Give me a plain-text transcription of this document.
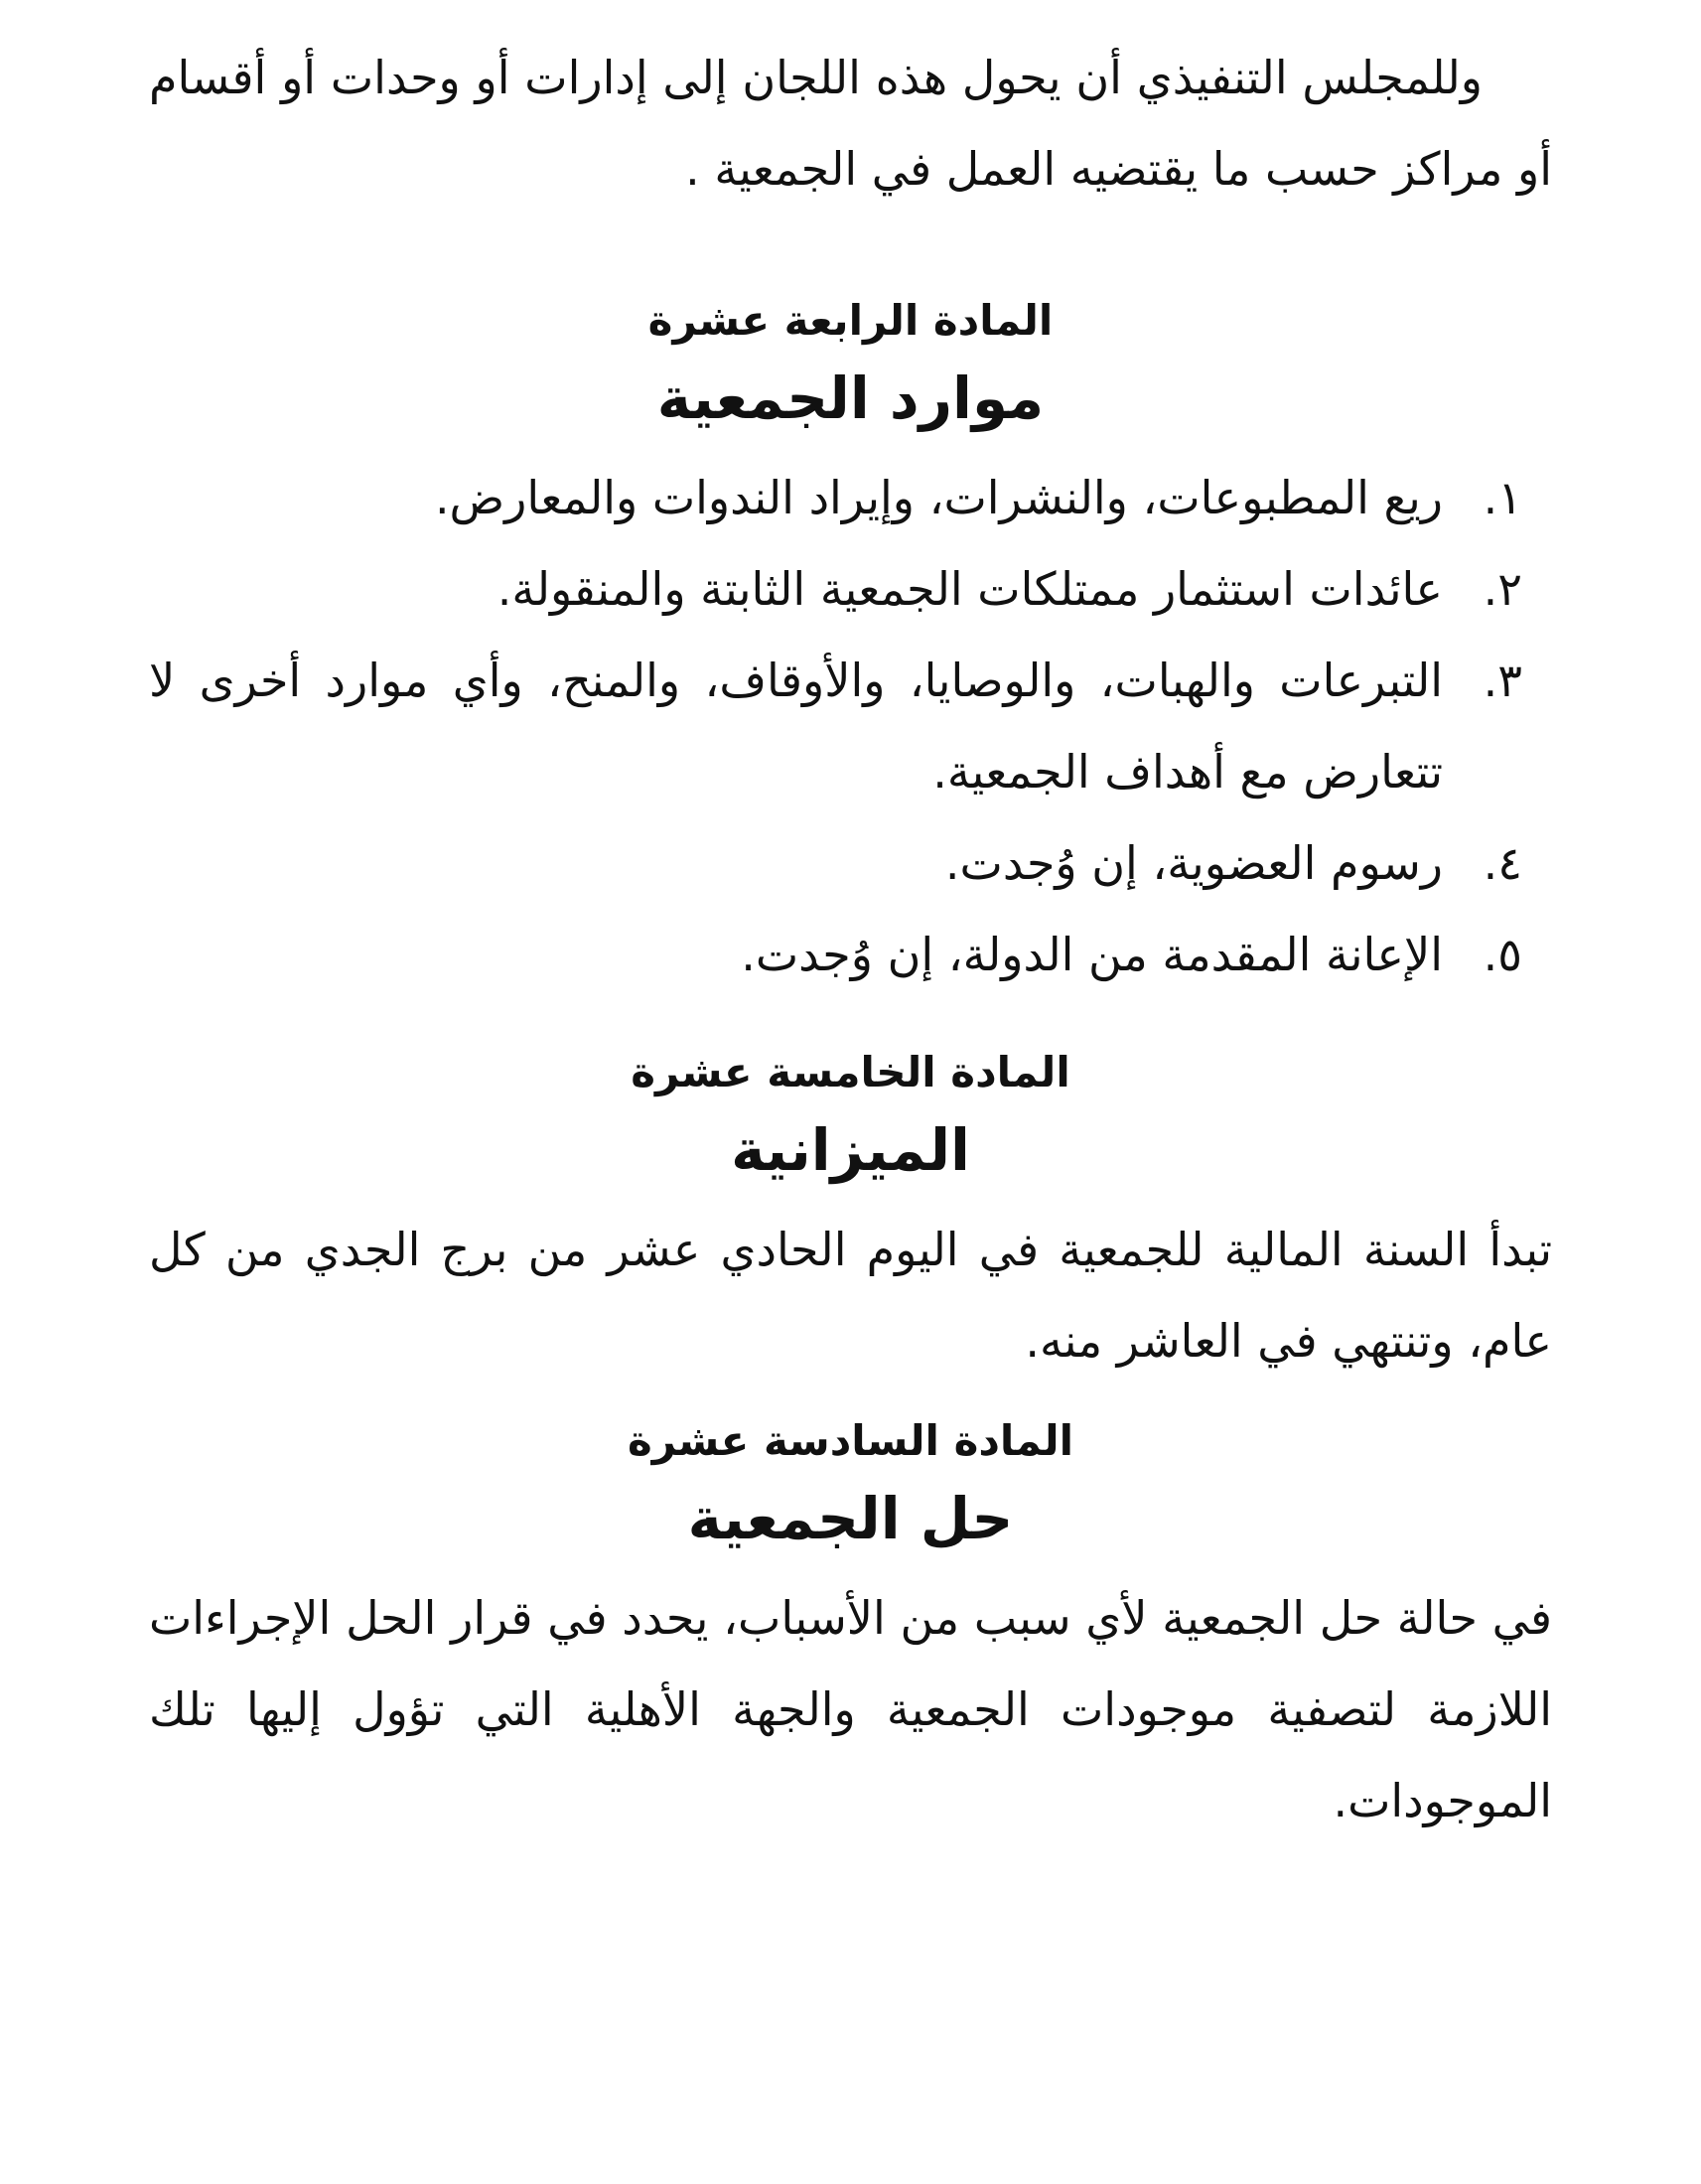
وللمجلس التنفيذي أن يحول هذه اللجان إلى إدارات أو وحدات أو أقسام أو مراكز حسب ما يقتضيه العمل في الجمعية .

المادة الرابعة عشرة
موارد الجمعية
١.
ريع المطبوعات، والنشرات، وإيراد الندوات والمعارض.
٢.
عائدات استثمار ممتلكات الجمعية الثابتة والمنقولة.
٣.
التبرعات والهبات، والوصايا، والأوقاف، والمنح، وأي موارد أخرى لا تتعارض مع أهداف الجمعية.
٤.
رسوم العضوية، إن وُجدت.
٥.
الإعانة المقدمة من الدولة، إن وُجدت.
المادة الخامسة عشرة
الميزانية

تبدأ السنة المالية للجمعية في اليوم الحادي عشر من برج الجدي من كل عام، وتنتهي في العاشر منه.

المادة السادسة عشرة
حل الجمعية

في حالة حل الجمعية لأي سبب من الأسباب، يحدد في قرار الحل الإجراءات اللازمة لتصفية موجودات الجمعية والجهة الأهلية التي تؤول إليها تلك الموجودات.
